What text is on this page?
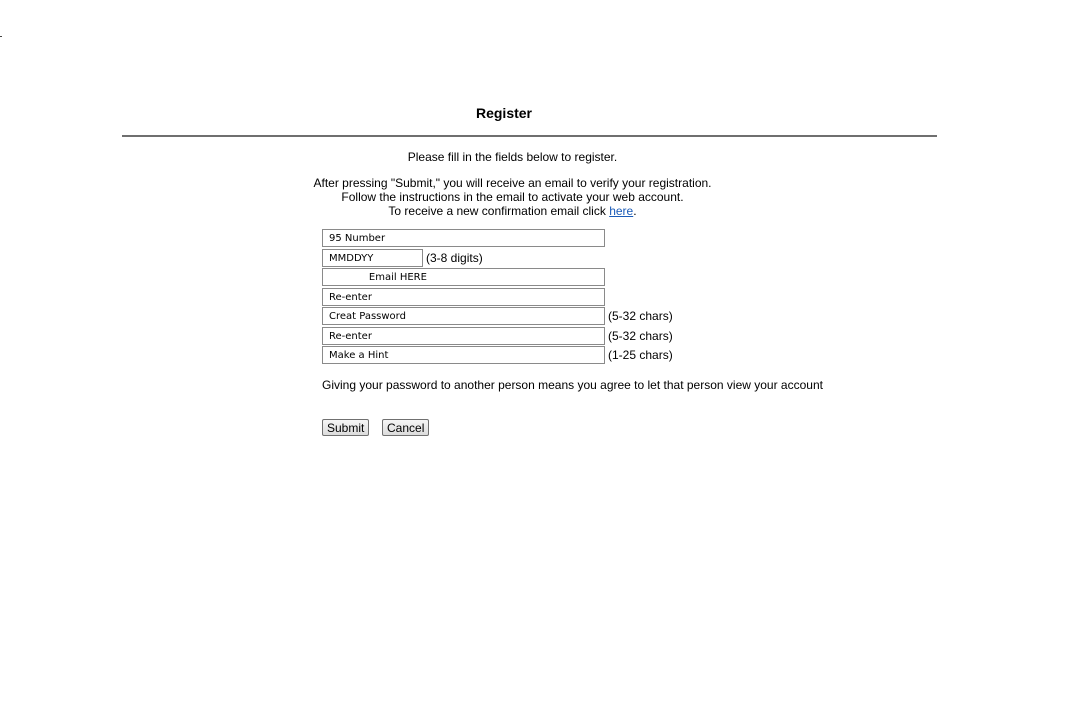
Register
Please fill in the fields below to register.
After pressing "Submit," you will receive an email to verify your registration.
Follow the instructions in the email to activate your web account.
To receive a new confirmation email click here.
95 Number
MMDDYY
(3-8 digits)
Email HERE
Re-enter
Creat Password
(5-32 chars)
Re-enter
(5-32 chars)
Make a Hint
(1-25 chars)
Giving your password to another person means you agree to let that person view your account
Submit	Cancel
